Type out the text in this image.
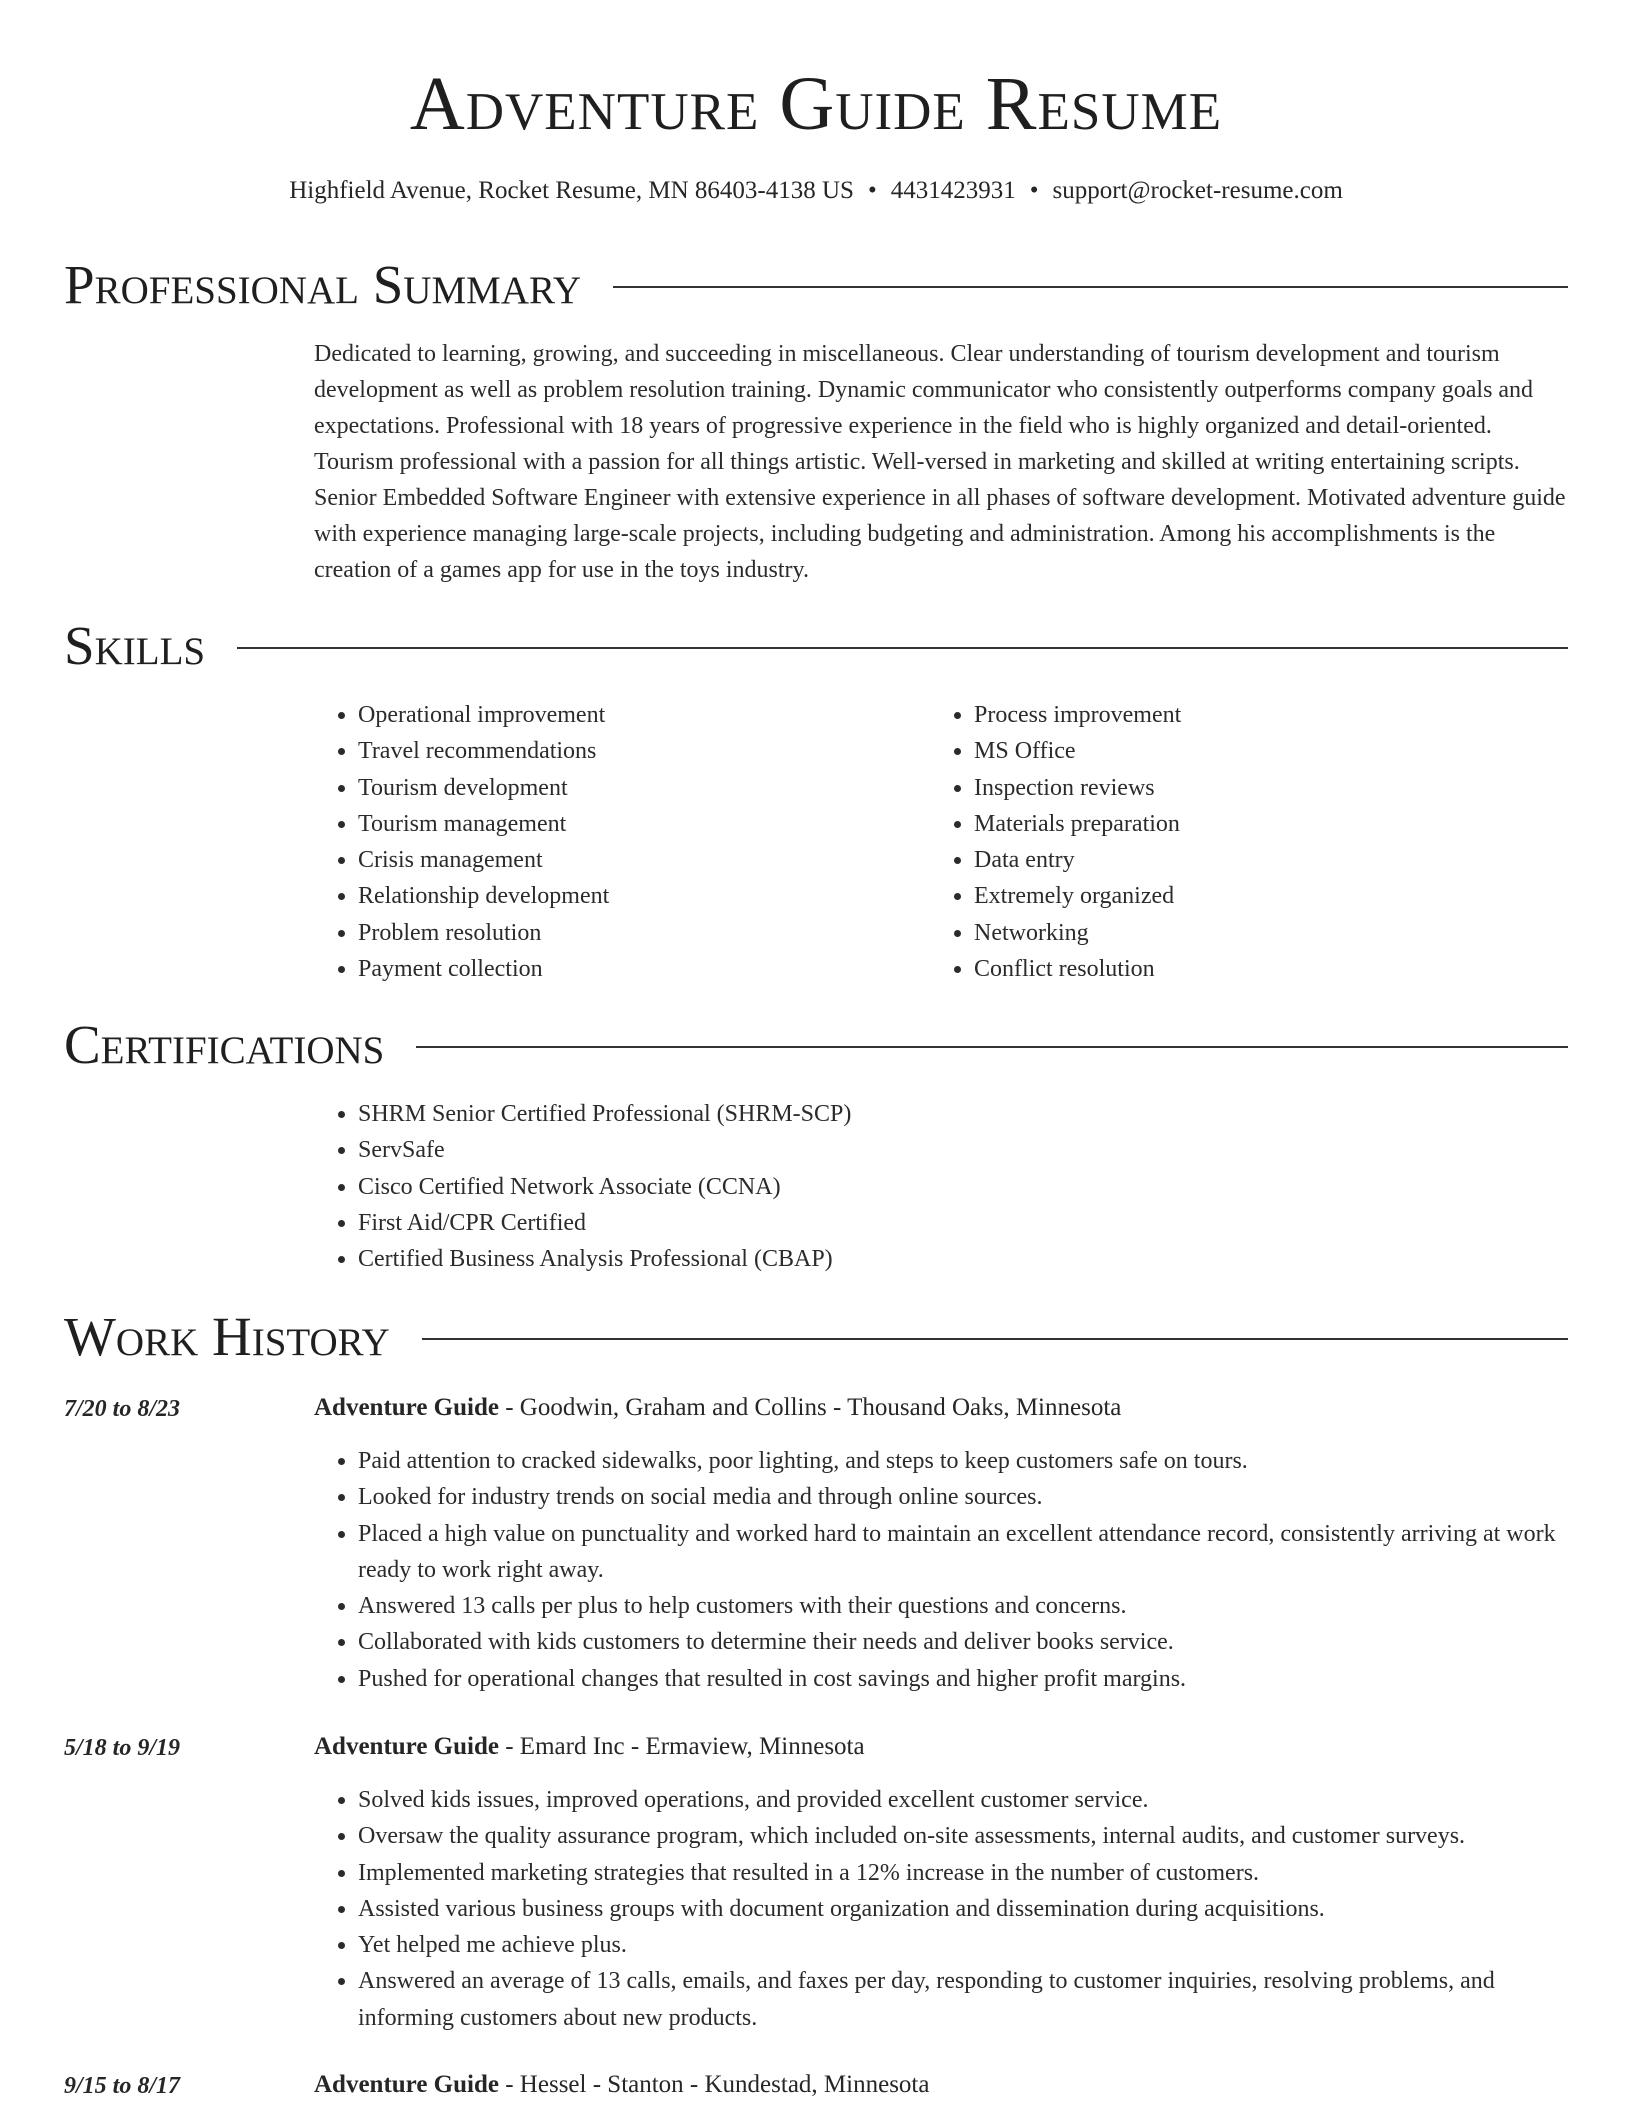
Adventure Guide Resume
Highfield Avenue, Rocket Resume, MN 86403-4138 US • 4431423931 • support@rocket-resume.com
Professional Summary

Dedicated to learning, growing, and succeeding in miscellaneous. Clear understanding of tourism development and tourism development as well as problem resolution training. Dynamic communicator who consistently outperforms company goals and expectations. Professional with 18 years of progressive experience in the field who is highly organized and detail-oriented. Tourism professional with a passion for all things artistic. Well-versed in marketing and skilled at writing entertaining scripts. Senior Embedded Software Engineer with extensive experience in all phases of software development. Motivated adventure guide with experience managing large-scale projects, including budgeting and administration. Among his accomplishments is the creation of a games app for use in the toys industry.

Skills
• Operational improvement
• Travel recommendations
• Tourism development
• Tourism management
• Crisis management
• Relationship development
• Problem resolution
• Payment collection
• Process improvement
• MS Office
• Inspection reviews
• Materials preparation
• Data entry
• Extremely organized
• Networking
• Conflict resolution
Certifications
• SHRM Senior Certified Professional (SHRM-SCP)
• ServSafe
• Cisco Certified Network Associate (CCNA)
• First Aid/CPR Certified
• Certified Business Analysis Professional (CBAP)
Work History
7/20 to 8/23	Adventure Guide - Goodwin, Graham and Collins - Thousand Oaks, Minnesota
• Paid attention to cracked sidewalks, poor lighting, and steps to keep customers safe on tours.
• Looked for industry trends on social media and through online sources.
• Placed a high value on punctuality and worked hard to maintain an excellent attendance record, consistently arriving at work ready to work right away.
• Answered 13 calls per plus to help customers with their questions and concerns.
• Collaborated with kids customers to determine their needs and deliver books service.
• Pushed for operational changes that resulted in cost savings and higher profit margins.
5/18 to 9/19	Adventure Guide - Emard Inc - Ermaview, Minnesota
• Solved kids issues, improved operations, and provided excellent customer service.
• Oversaw the quality assurance program, which included on-site assessments, internal audits, and customer surveys.
• Implemented marketing strategies that resulted in a 12% increase in the number of customers.
• Assisted various business groups with document organization and dissemination during acquisitions.
• Yet helped me achieve plus.
• Answered an average of 13 calls, emails, and faxes per day, responding to customer inquiries, resolving problems, and informing customers about new products.
9/15 to 8/17	Adventure Guide - Hessel - Stanton - Kundestad, Minnesota
